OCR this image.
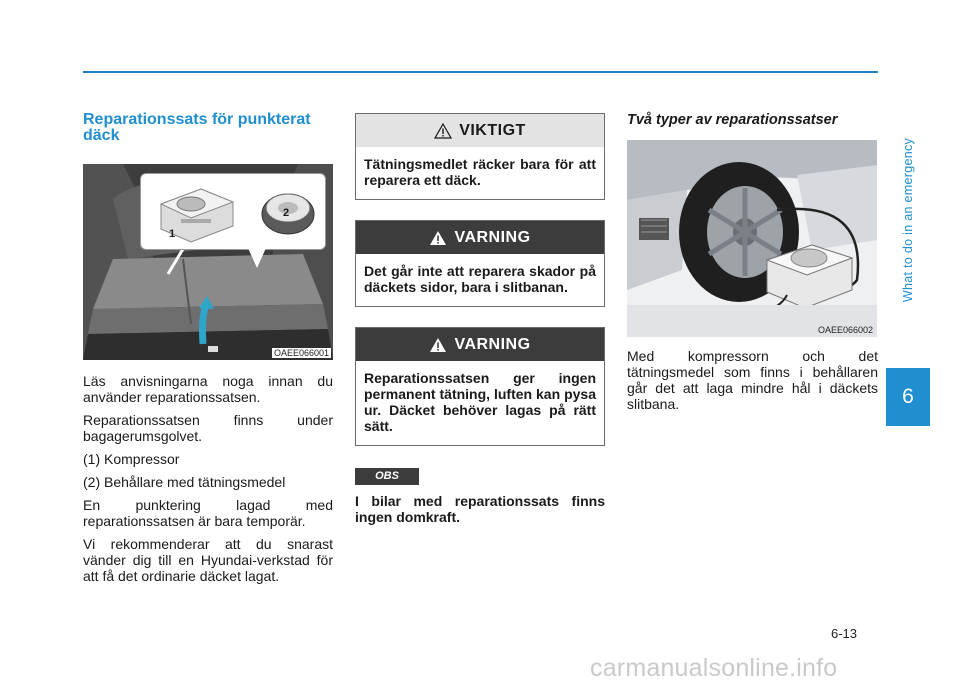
What to do in an emergency
6
Reparationssats för punkterat däck
1
2
OAEE066001

Läs anvisningarna noga innan du använder reparationssatsen.

Reparationssatsen finns under bagagerumsgolvet.

(1) Kompressor

(2) Behållare med tätningsmedel

En punktering lagad med reparationssatsen är bara temporär.

Vi rekommenderar att du snarast vänder dig till en Hyundai-verkstad för att få det ordinarie däcket lagat.

VIKTIGT
Tätningsmedlet räcker bara för att reparera ett däck.
VARNING
Det går inte att reparera skador på däckets sidor, bara i slitbanan.
VARNING
Reparationssatsen ger ingen permanent tätning, luften kan pysa ur. Däcket behöver lagas på rätt sätt.
OBS

I bilar med reparationssats finns ingen domkraft.

Två typer av reparationssatser
OAEE066002

Med kompressorn och det tätningsmedel som finns i behållaren går det att laga mindre hål i däckets slitbana.

6-13
carmanualsonline.info
